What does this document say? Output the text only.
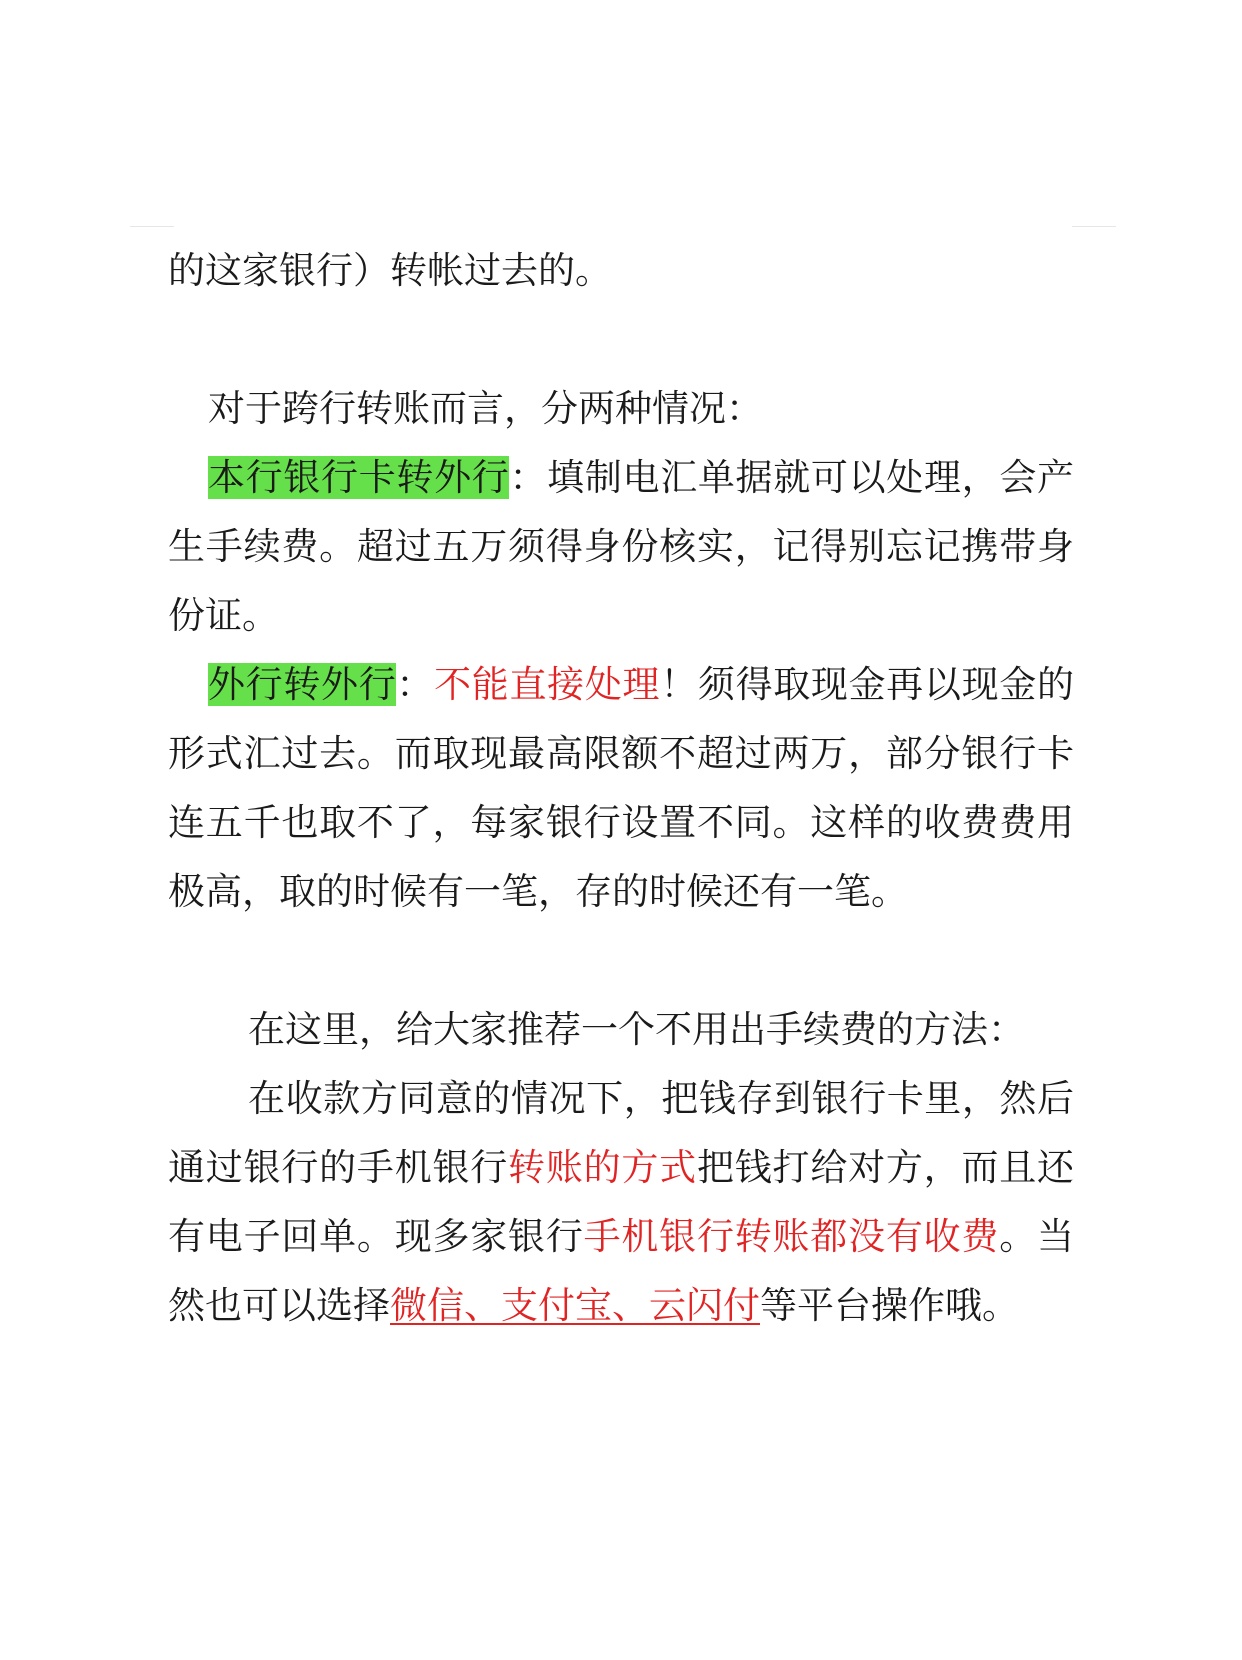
的这家银行）转帐过去的。

对于跨行转账而言，分两种情况：

本行银行卡转外行：填制电汇单据就可以处理，会产生手续费。超过五万须得身份核实，记得别忘记携带身份证。

外行转外行：不能直接处理！须得取现金再以现金的形式汇过去。而取现最高限额不超过两万，部分银行卡连五千也取不了，每家银行设置不同。这样的收费费用极高，取的时候有一笔，存的时候还有一笔。

在这里，给大家推荐一个不用出手续费的方法：

在收款方同意的情况下，把钱存到银行卡里，然后通过银行的手机银行转账的方式把钱打给对方，而且还有电子回单。现多家银行手机银行转账都没有收费。当然也可以选择微信、支付宝、云闪付等平台操作哦。
